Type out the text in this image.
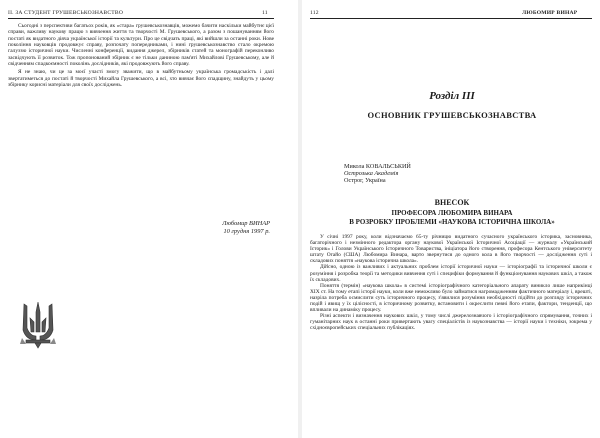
ІІ. ЗА СТУДЕНТ ГРУШЕВСЬКОЗНАВСТВО	11

Сьогодні з перспективи багатьох років, як «стара» грушевськознавців, можемо бачити наскільки майбутнє цієї справи, важливу наукову працю з вивчення життя та творчості М. Грушевського, а разом з пошануванням його постаті як видатного діяча української історії та культури. Про це свідчать праці, які вийшли за останні роки. Нове покоління науковців продовжує справу, розпочату попередниками, і нині грушевськознавство стало окремою галуззю історичної науки. Численні конференції, видання джерел, збірників статей та монографій переконливо засвідчують її розвиток. Тож пропонований збірник є не тільки даниною пам'яті Михайлові Грушевському, але й свідченням спадкоємності поколінь дослідників, які продовжують його справу.

Я не знаю, чи це за моєї участі змогу зважити, що в майбутньому українська громадськість і далі звертатиметься до постаті й творчості Михайла Грушевського, а всі, хто вивчає його спадщину, знайдуть у цьому збірнику корисні матеріали для своїх досліджень.

Любомир ВИНАР
10 грудня 1997 р.
112	ЛЮБОМИР ВИНАР
Розділ III
ОСНОВНИК ГРУШЕВСЬКОЗНАВСТВА
Микола КОВАЛЬСЬКИЙ
Острозька Академія
Острог, Україна
ВНЕСОК
ПРОФЕСОРА ЛЮБОМИРА ВИНАРА
В РОЗРОБКУ ПРОБЛЕМИ «НАУКОВА ІСТОРИЧНА ШКОЛА»

У січні 1997 року, коли відзначаємо 65-ту річницю видатного сучасного українського історика, засновника, багаторічного і незмінного редактора органу наукової Української Історичної Асоціації — журналу «Український Історик» і Голови Українського Історичного Товариства, ініціатора його створення, професора Кентського університету штату Огайо (США) Любомира Винара, варто звернутися до одного кола в його творчості — дослідження суті і складових поняття «наукова історична школа».

Дійсно, одною із важливих і актуальних проблем історії історичної науки — історіографії та історичної школи є розуміння і розробка теорії та методики вивчення суті і специфіки формування й функціонування наукових шкіл, а також їх складових.

Поняття (термін) «наукова школа» в системі історіографічного категоріального апарату виникло лише наприкінці XIX ст. На тому етапі історії науки, коли вже неможливо було займатися нагромадженням фактичного матеріалу і, врешті, назріла потреба осмислити суть історичного процесу, з'явилися розуміння необхідності підійти до розгляду історичних подій і явищ у їх цілісності, в історичному розвитку, встановити і окреслити певні його етапи, фактори, тенденції, що впливали на динаміку процесу.

Різні аспекти і визначення наукових шкіл, у тому числі джерелознавчого і історіографічного спрямування, точних і гуманітарних наук в останні роки привертають увагу спеціалістів із наукознавства — історії науки і техніки, зокрема у східноєвропейських спеціальних публікаціях.
